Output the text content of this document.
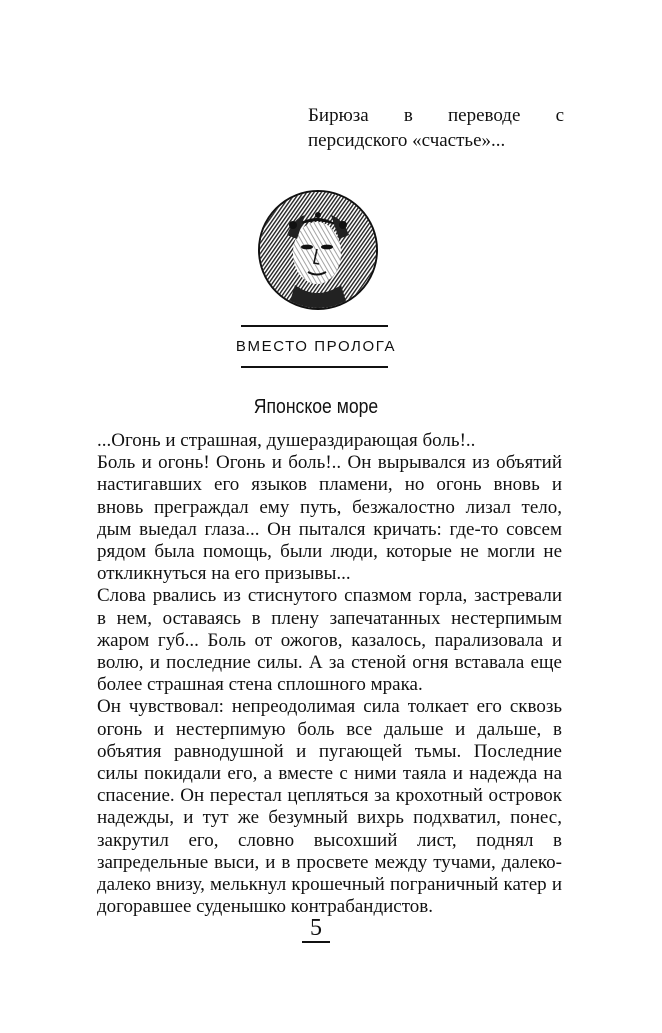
Бирюза в переводе с персидского «счастье»...
ВМЕСТО ПРОЛОГА
Японское море

...Огонь и страшная, душераздирающая боль!..

Боль и огонь! Огонь и боль!.. Он вырывался из объятий настигавших его языков пламени, но огонь вновь и вновь преграждал ему путь, безжалостно лизал тело, дым выедал глаза... Он пытался кричать: где-то совсем рядом была помощь, были люди, которые не могли не откликнуться на его призывы...

Слова рвались из стиснутого спазмом горла, застревали в нем, оставаясь в плену запечатанных нестерпимым жаром губ... Боль от ожогов, казалось, парализовала и волю, и последние силы. А за стеной огня вставала еще более страшная стена сплошного мрака.

Он чувствовал: непреодолимая сила толкает его сквозь огонь и нестерпимую боль все дальше и дальше, в объятия равнодушной и пугающей тьмы. Последние силы покидали его, а вместе с ними таяла и надежда на спасение. Он перестал цепляться за крохотный островок надежды, и тут же безумный вихрь подхватил, понес, закрутил его, словно высохший лист, поднял в запредельные выси, и в просвете между тучами, далеко-далеко внизу, мелькнул крошечный пограничный катер и догоравшее суденышко контрабандистов.

5
